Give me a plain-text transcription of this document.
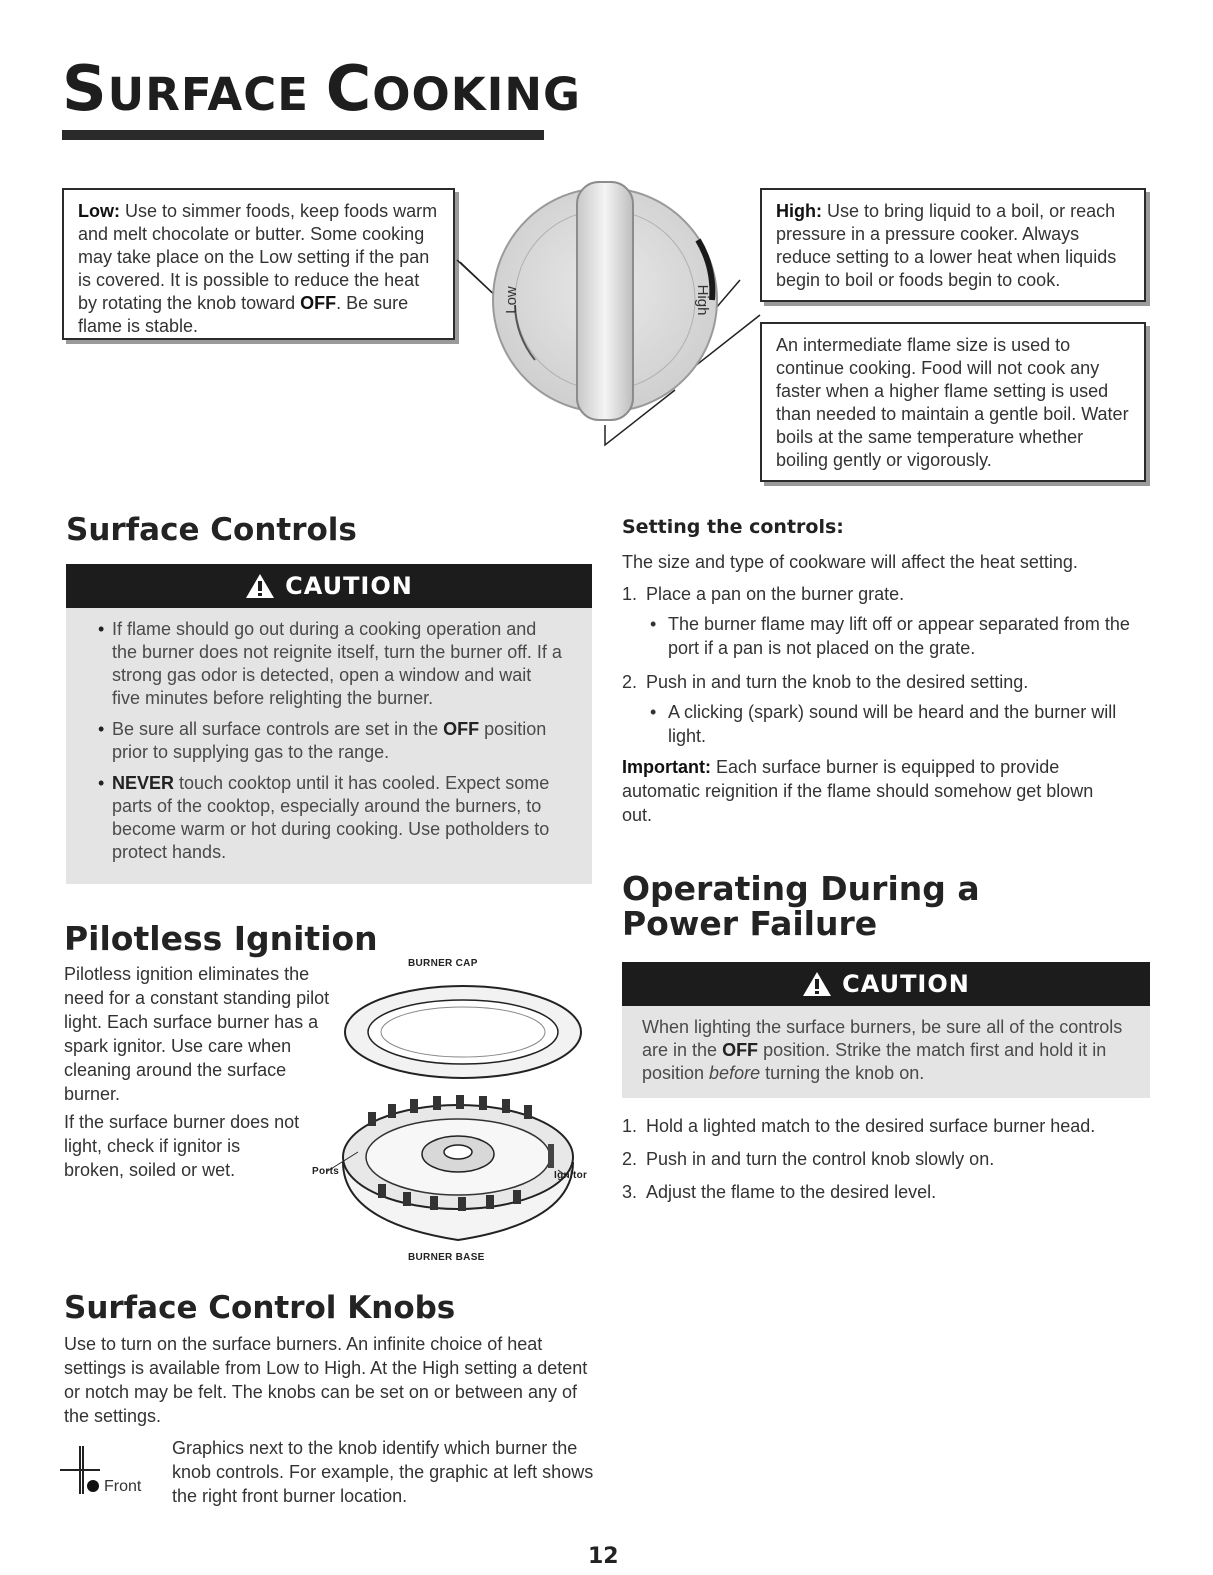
SURFACE COOKING
Low: Use to simmer foods, keep foods warm and melt chocolate or butter. Some cooking may take place on the Low setting if the pan is covered. It is possible to reduce the heat by rotating the knob toward OFF. Be sure flame is stable.
Low	High
High: Use to bring liquid to a boil, or reach pressure in a pressure cooker. Always reduce setting to a lower heat when liquids begin to boil or foods begin to cook.
An intermediate flame size is used to continue cooking. Food will not cook any faster when a higher flame setting is used than needed to maintain a gentle boil. Water boils at the same temperature whether boiling gently or vigorously.
Surface Controls
CAUTION
• If flame should go out during a cooking operation and the burner does not reignite itself, turn the burner off. If a strong gas odor is detected, open a window and wait five minutes before relighting the burner.
• Be sure all surface controls are set in the OFF position prior to supplying gas to the range.
• NEVER touch cooktop until it has cooled. Expect some parts of the cooktop, especially around the burners, to become warm or hot during cooking. Use potholders to protect hands.
Pilotless Ignition

Pilotless ignition eliminates the need for a constant standing pilot light. Each surface burner has a spark ignitor. Use care when cleaning around the surface burner.

If the surface burner does not light, check if ignitor is broken, soiled or wet.

BURNER CAP
Ports	Ignitor
BURNER BASE
Surface Control Knobs

Use to turn on the surface burners. An infinite choice of heat settings is available from Low to High. At the High setting a detent or notch may be felt. The knobs can be set on or between any of the settings.

Front

Graphics next to the knob identify which burner the knob controls. For example, the graphic at left shows the right front burner location.

Setting the controls:

The size and type of cookware will affect the heat setting.

1. Place a pan on the burner grate.
• The burner flame may lift off or appear separated from the port if a pan is not placed on the grate.
2. Push in and turn the knob to the desired setting.
• A clicking (spark) sound will be heard and the burner will light.

Important: Each surface burner is equipped to provide automatic reignition if the flame should somehow get blown out.

Operating During a
Power Failure
CAUTION
When lighting the surface burners, be sure all of the controls are in the OFF position. Strike the match first and hold it in position before turning the knob on.
1. Hold a lighted match to the desired surface burner head.
2. Push in and turn the control knob slowly on.
3. Adjust the flame to the desired level.
12
